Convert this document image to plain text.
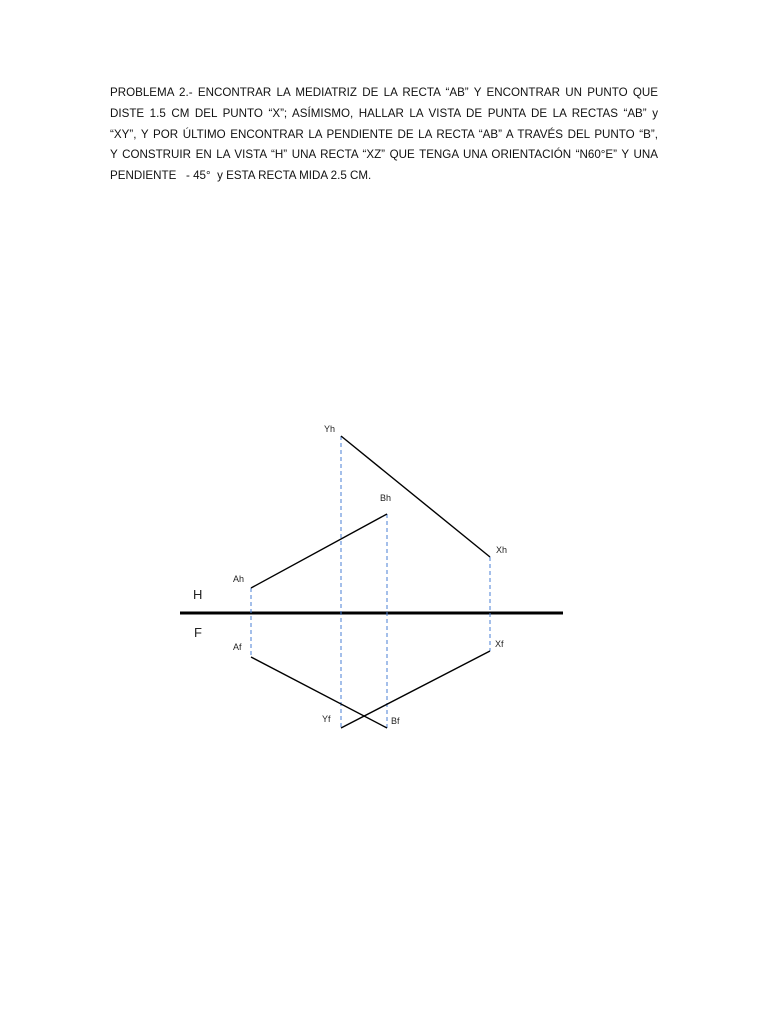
PROBLEMA 2.- ENCONTRAR LA MEDIATRIZ DE LA RECTA “AB” Y ENCONTRAR UN PUNTO QUE
DISTE 1.5 CM DEL PUNTO “X”; ASÍMISMO, HALLAR LA VISTA DE PUNTA DE LA RECTAS “AB” y
“XY”, Y POR ÚLTIMO ENCONTRAR LA PENDIENTE DE LA RECTA “AB” A TRAVÉS DEL PUNTO “B”,
Y CONSTRUIR EN LA VISTA “H” UNA RECTA “XZ” QUE TENGA UNA ORIENTACIÓN “N60°E” Y UNA
PENDIENTE   - 45°  y ESTA RECTA MIDA 2.5 CM.
H
F
Yh
Bh
Xh
Ah
Af	Xf
Yf	Bf
